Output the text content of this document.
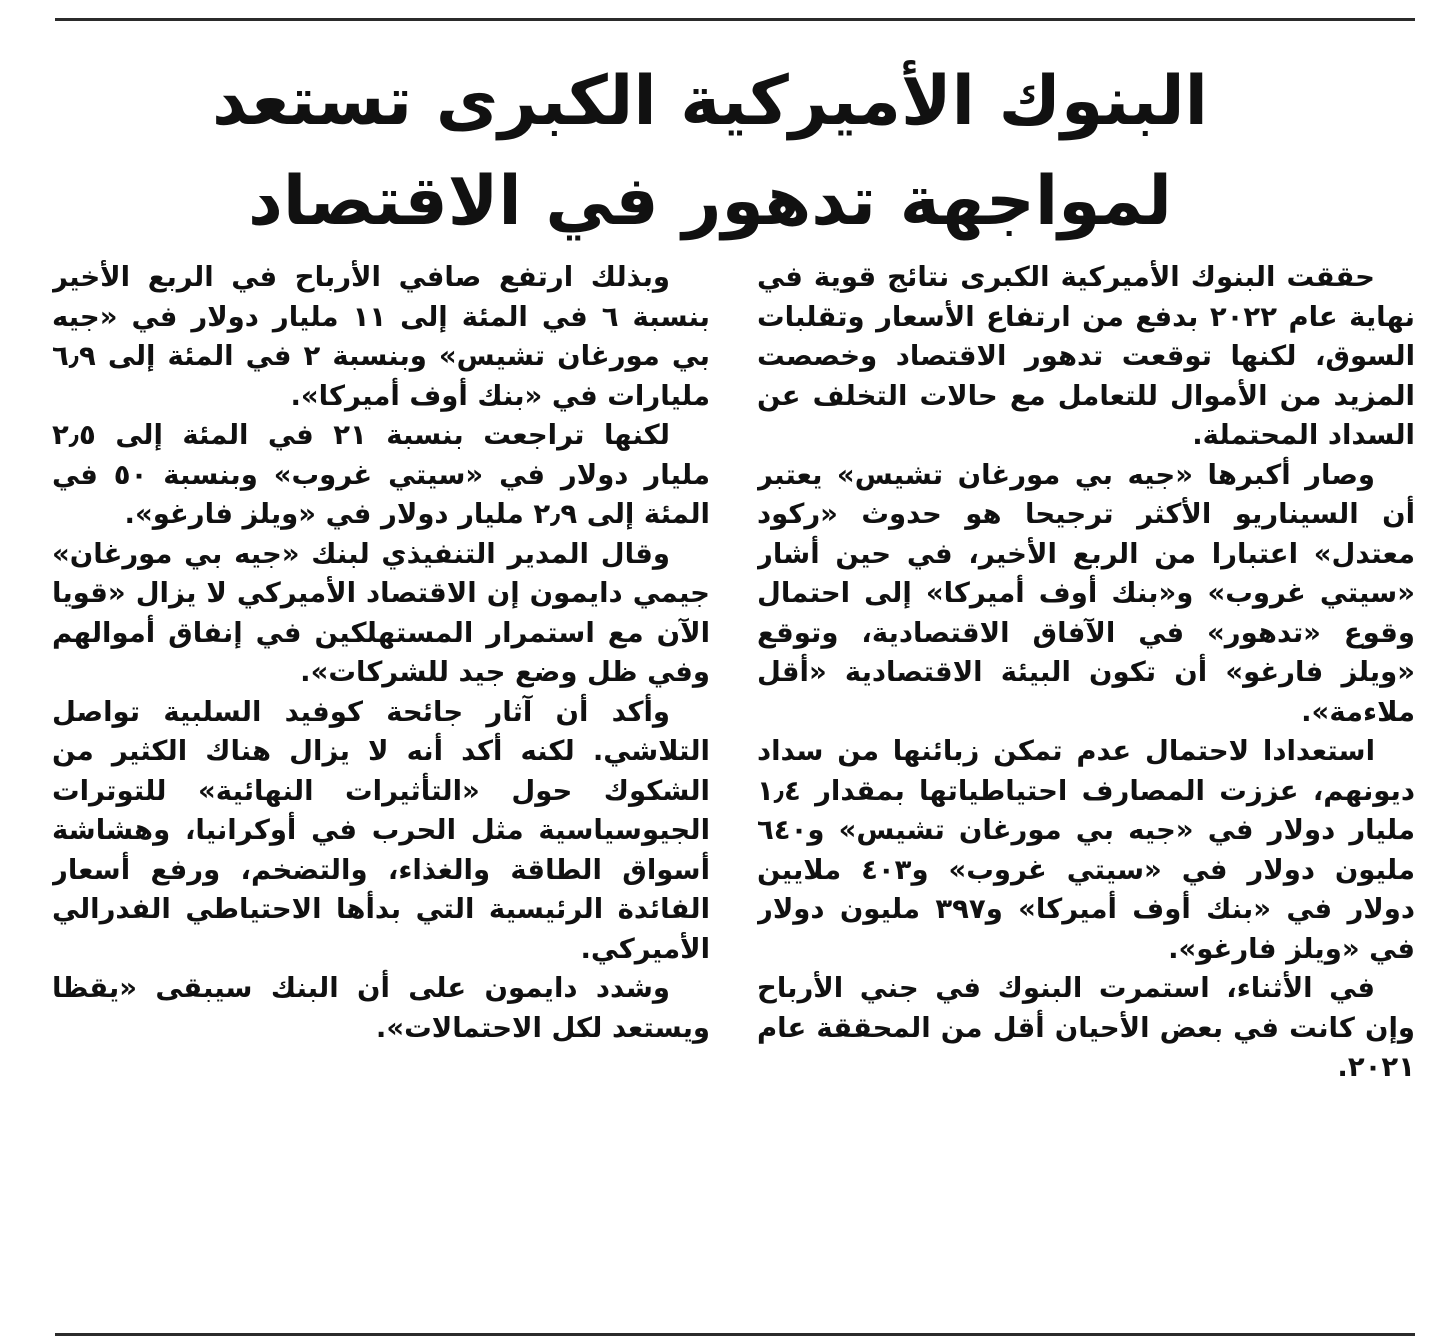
البنوك الأميركية الكبرى تستعد
لمواجهة تدهور في الاقتصاد

حققت البنوك الأميركية الكبرى نتائج قوية في نهاية عام ٢٠٢٢ بدفع من ارتفاع الأسعار وتقلبات السوق، لكنها توقعت تدهور الاقتصاد وخصصت المزيد من الأموال للتعامل مع حالات التخلف عن السداد المحتملة.

وصار أكبرها «جيه بي مورغان تشيس» يعتبر أن السيناريو الأكثر ترجيحا هو حدوث «ركود معتدل» اعتبارا من الربع الأخير، في حين أشار «سيتي غروب» و«بنك أوف أميركا» إلى احتمال وقوع «تدهور» في الآفاق الاقتصادية، وتوقع «ويلز فارغو» أن تكون البيئة الاقتصادية «أقل ملاءمة».

استعدادا لاحتمال عدم تمكن زبائنها من سداد ديونهم، عززت المصارف احتياطياتها بمقدار ١٫٤ مليار دولار في «جيه بي مورغان تشيس» و٦٤٠ مليون دولار في «سيتي غروب» و٤٠٣ ملايين دولار في «بنك أوف أميركا» و٣٩٧ مليون دولار في «ويلز فارغو».

في الأثناء، استمرت البنوك في جني الأرباح وإن كانت في بعض الأحيان أقل من المحققة عام ٢٠٢١.

وبذلك ارتفع صافي الأرباح في الربع الأخير بنسبة ٦ في المئة إلى ١١ مليار دولار في «جيه بي مورغان تشيس» وبنسبة ٢ في المئة إلى ٦٫٩ مليارات في «بنك أوف أميركا».

لكنها تراجعت بنسبة ٢١ في المئة إلى ٢٫٥ مليار دولار في «سيتي غروب» وبنسبة ٥٠ في المئة إلى ٢٫٩ مليار دولار في «ويلز فارغو».

وقال المدير التنفيذي لبنك «جيه بي مورغان» جيمي دايمون إن الاقتصاد الأميركي لا يزال «قويا الآن مع استمرار المستهلكين في إنفاق أموالهم وفي ظل وضع جيد للشركات».

وأكد أن آثار جائحة كوفيد السلبية تواصل التلاشي. لكنه أكد أنه لا يزال هناك الكثير من الشكوك حول «التأثيرات النهائية» للتوترات الجيوسياسية مثل الحرب في أوكرانيا، وهشاشة أسواق الطاقة والغذاء، والتضخم، ورفع أسعار الفائدة الرئيسية التي بدأها الاحتياطي الفدرالي الأميركي.

وشدد دايمون على أن البنك سيبقى «يقظا ويستعد لكل الاحتمالات».
